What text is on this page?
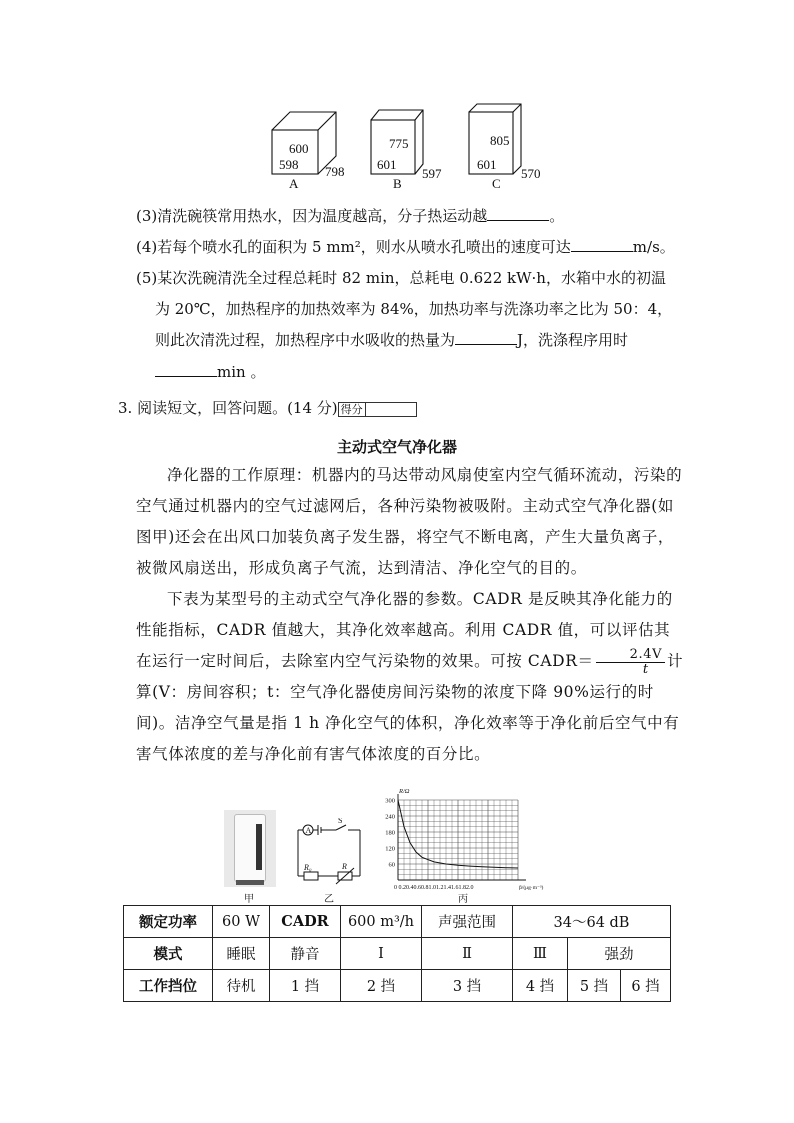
600
598 798
A
775
601
597
B
805
601
570
C
(3)清洗碗筷常用热水，因为温度越高，分子热运动越	。
(4)若每个喷水孔的面积为 5 mm²，则水从喷水孔喷出的速度可达	m/s。
(5)某次洗碗清洗全过程总耗时 82 min，总耗电 0.622 kW·h，水箱中水的初温
为 20℃，加热程序的加热效率为 84%，加热功率与洗涤功率之比为 50：4，
则此次清洗过程，加热程序中水吸收的热量为	J，洗涤程序用时
min 。
3. 阅读短文，回答问题。(14 分) 得分
主动式空气净化器
净化器的工作原理：机器内的马达带动风扇使室内空气循环流动，污染的空气通过机器内的空气过滤网后，各种污染物被吸附。主动式空气净化器(如图甲)还会在出风口加装负离子发生器，将空气不断电离，产生大量负离子，被微风扇送出，形成负离子气流，达到清洁、净化空气的目的。
下表为某型号的主动式空气净化器的参数。CADR 是反映其净化能力的性能指标，CADR 值越大，其净化效率越高。利用 CADR 值，可以评估其在运行一定时间后，去除室内空气污染物的效果。可按 CADR＝ $\frac{2.4V}{t}$ 计算(V：房间容积；t：空气净化器使房间污染物的浓度下降 90%运行的时间)。洁净空气量是指 1 h 净化空气的体积，净化效率等于净化前后空气中有害气体浓度的差与净化前有害气体浓度的百分比。
甲
A
S
R₀	R
乙
300
240
180
120
60
0 0.20.40.60.81.01.21.41.61.82.0
R/Ω
β/(μg·m⁻³)
丙
额定功率	60 W	CADR	600 m³/h	声强范围	34～64 dB		
模式	睡眠	静音	Ⅰ	Ⅱ	Ⅲ	强劲	
工作挡位	待机	1 挡	2 挡	3 挡	4 挡	5 挡	6 挡
